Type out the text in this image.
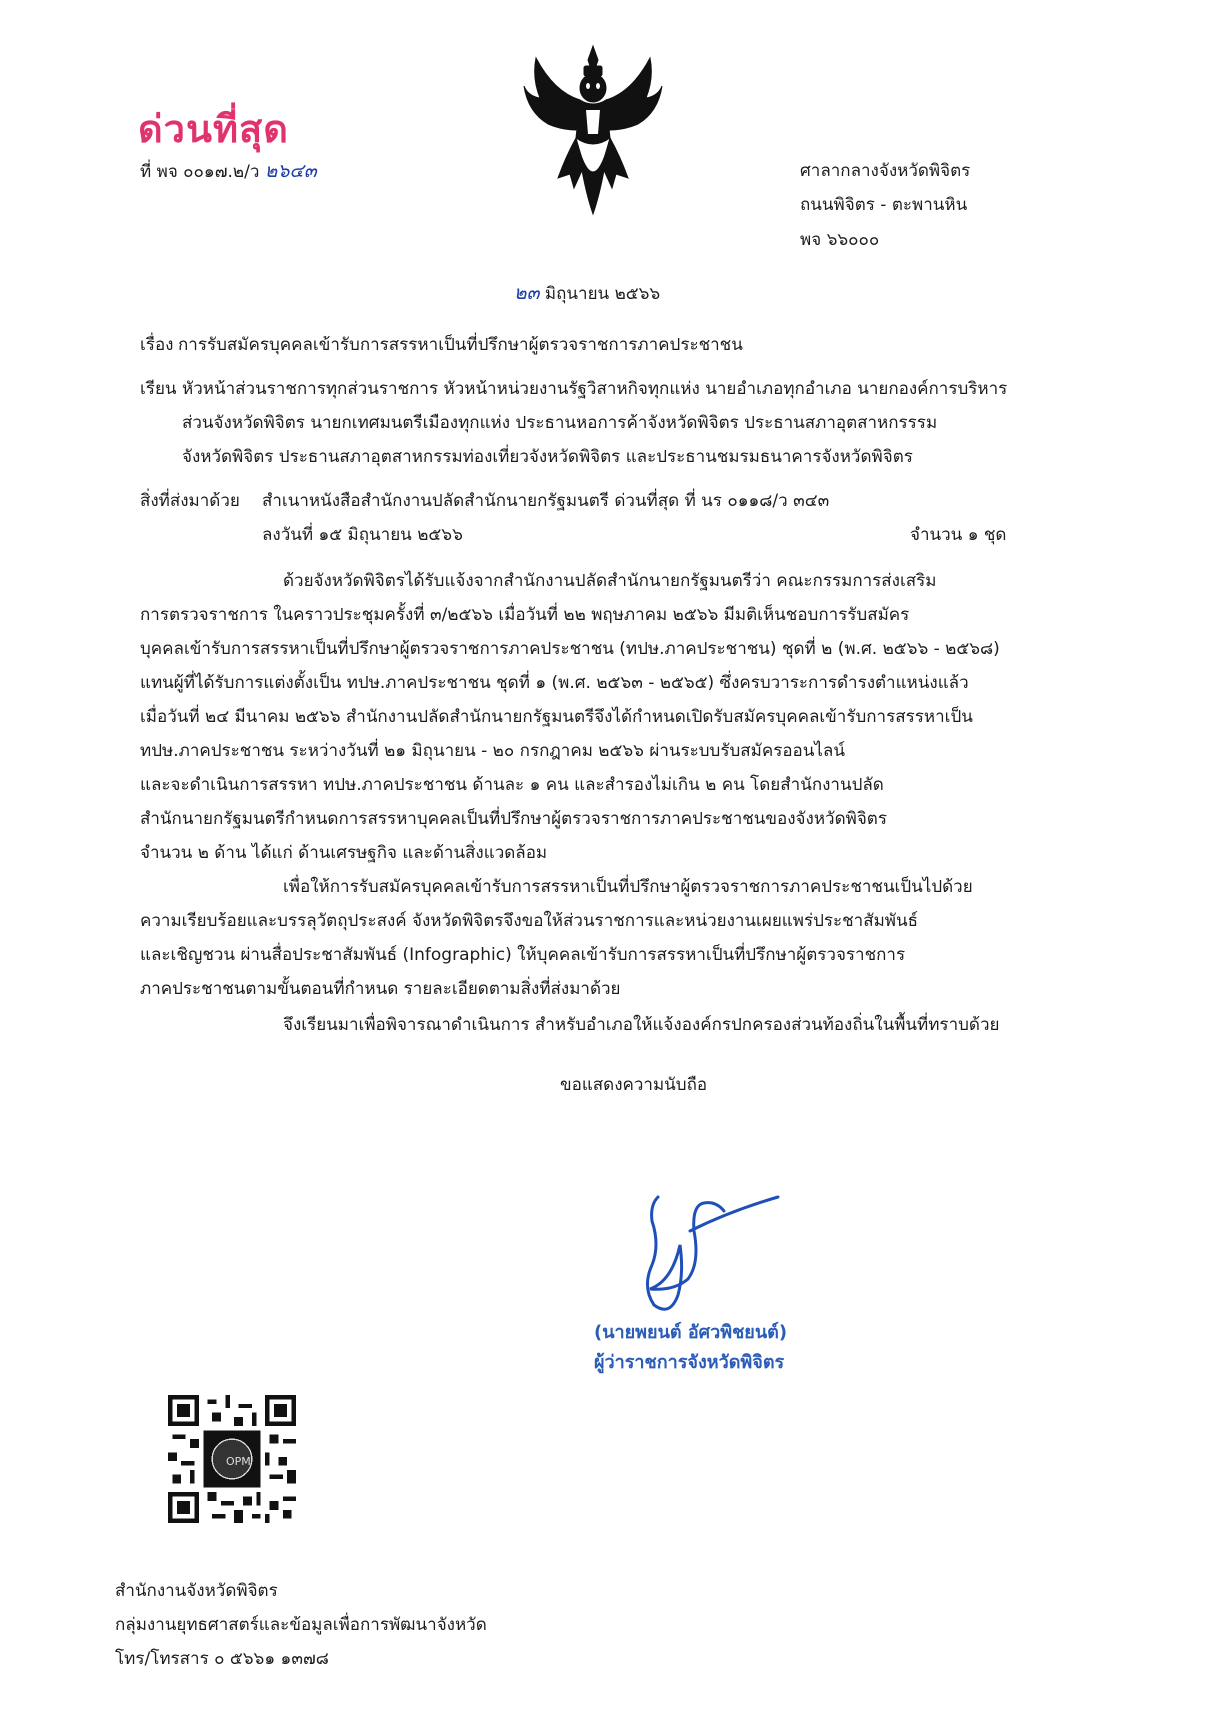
ด่วนที่สุด
ที่ พจ ๐๐๑๗.๒/ว ๒๖๔๓	ศาลากลางจังหวัดพิจิตร
ถนนพิจิตร - ตะพานหิน
พจ ๖๖๐๐๐
๒๓ มิถุนายน ๒๕๖๖
เรื่อง การรับสมัครบุคคลเข้ารับการสรรหาเป็นที่ปรึกษาผู้ตรวจราชการภาคประชาชน
เรียน หัวหน้าส่วนราชการทุกส่วนราชการ หัวหน้าหน่วยงานรัฐวิสาหกิจทุกแห่ง นายอำเภอทุกอำเภอ นายกองค์การบริหาร
ส่วนจังหวัดพิจิตร นายกเทศมนตรีเมืองทุกแห่ง ประธานหอการค้าจังหวัดพิจิตร ประธานสภาอุตสาหกรรรม
จังหวัดพิจิตร ประธานสภาอุตสาหกรรมท่องเที่ยวจังหวัดพิจิตร และประธานชมรมธนาคารจังหวัดพิจิตร
สิ่งที่ส่งมาด้วย สำเนาหนังสือสำนักงานปลัดสำนักนายกรัฐมนตรี ด่วนที่สุด ที่ นร ๐๑๑๘/ว ๓๔๓
ลงวันที่ ๑๕ มิถุนายน ๒๕๖๖	จำนวน ๑ ชุด
ด้วยจังหวัดพิจิตรได้รับแจ้งจากสำนักงานปลัดสำนักนายกรัฐมนตรีว่า คณะกรรมการส่งเสริม
การตรวจราชการ ในคราวประชุมครั้งที่ ๓/๒๕๖๖ เมื่อวันที่ ๒๒ พฤษภาคม ๒๕๖๖ มีมติเห็นชอบการรับสมัคร
บุคคลเข้ารับการสรรหาเป็นที่ปรึกษาผู้ตรวจราชการภาคประชาชน (ทปษ.ภาคประชาชน) ชุดที่ ๒ (พ.ศ. ๒๕๖๖ - ๒๕๖๘)
แทนผู้ที่ได้รับการแต่งตั้งเป็น ทปษ.ภาคประชาชน ชุดที่ ๑ (พ.ศ. ๒๕๖๓ - ๒๕๖๕) ซึ่งครบวาระการดำรงตำแหน่งแล้ว
เมื่อวันที่ ๒๔ มีนาคม ๒๕๖๖ สำนักงานปลัดสำนักนายกรัฐมนตรีจึงได้กำหนดเปิดรับสมัครบุคคลเข้ารับการสรรหาเป็น
ทปษ.ภาคประชาชน ระหว่างวันที่ ๒๑ มิถุนายน - ๒๐ กรกฎาคม ๒๕๖๖ ผ่านระบบรับสมัครออนไลน์
และจะดำเนินการสรรหา ทปษ.ภาคประชาชน ด้านละ ๑ คน และสำรองไม่เกิน ๒ คน โดยสำนักงานปลัด
สำนักนายกรัฐมนตรีกำหนดการสรรหาบุคคลเป็นที่ปรึกษาผู้ตรวจราชการภาคประชาชนของจังหวัดพิจิตร
จำนวน ๒ ด้าน ได้แก่ ด้านเศรษฐกิจ และด้านสิ่งแวดล้อม
เพื่อให้การรับสมัครบุคคลเข้ารับการสรรหาเป็นที่ปรึกษาผู้ตรวจราชการภาคประชาชนเป็นไปด้วย
ความเรียบร้อยและบรรลุวัตถุประสงค์ จังหวัดพิจิตรจึงขอให้ส่วนราชการและหน่วยงานเผยแพร่ประชาสัมพันธ์
และเชิญชวน ผ่านสื่อประชาสัมพันธ์ (Infographic) ให้บุคคลเข้ารับการสรรหาเป็นที่ปรึกษาผู้ตรวจราชการ
ภาคประชาชนตามขั้นตอนที่กำหนด รายละเอียดตามสิ่งที่ส่งมาด้วย
จึงเรียนมาเพื่อพิจารณาดำเนินการ สำหรับอำเภอให้แจ้งองค์กรปกครองส่วนท้องถิ่นในพื้นที่ทราบด้วย
ขอแสดงความนับถือ
(นายพยนต์ อัศวพิชยนต์)
ผู้ว่าราชการจังหวัดพิจิตร
OPM
สำนักงานจังหวัดพิจิตร
กลุ่มงานยุทธศาสตร์และข้อมูลเพื่อการพัฒนาจังหวัด
โทร/โทรสาร ๐ ๕๖๖๑ ๑๓๗๘
